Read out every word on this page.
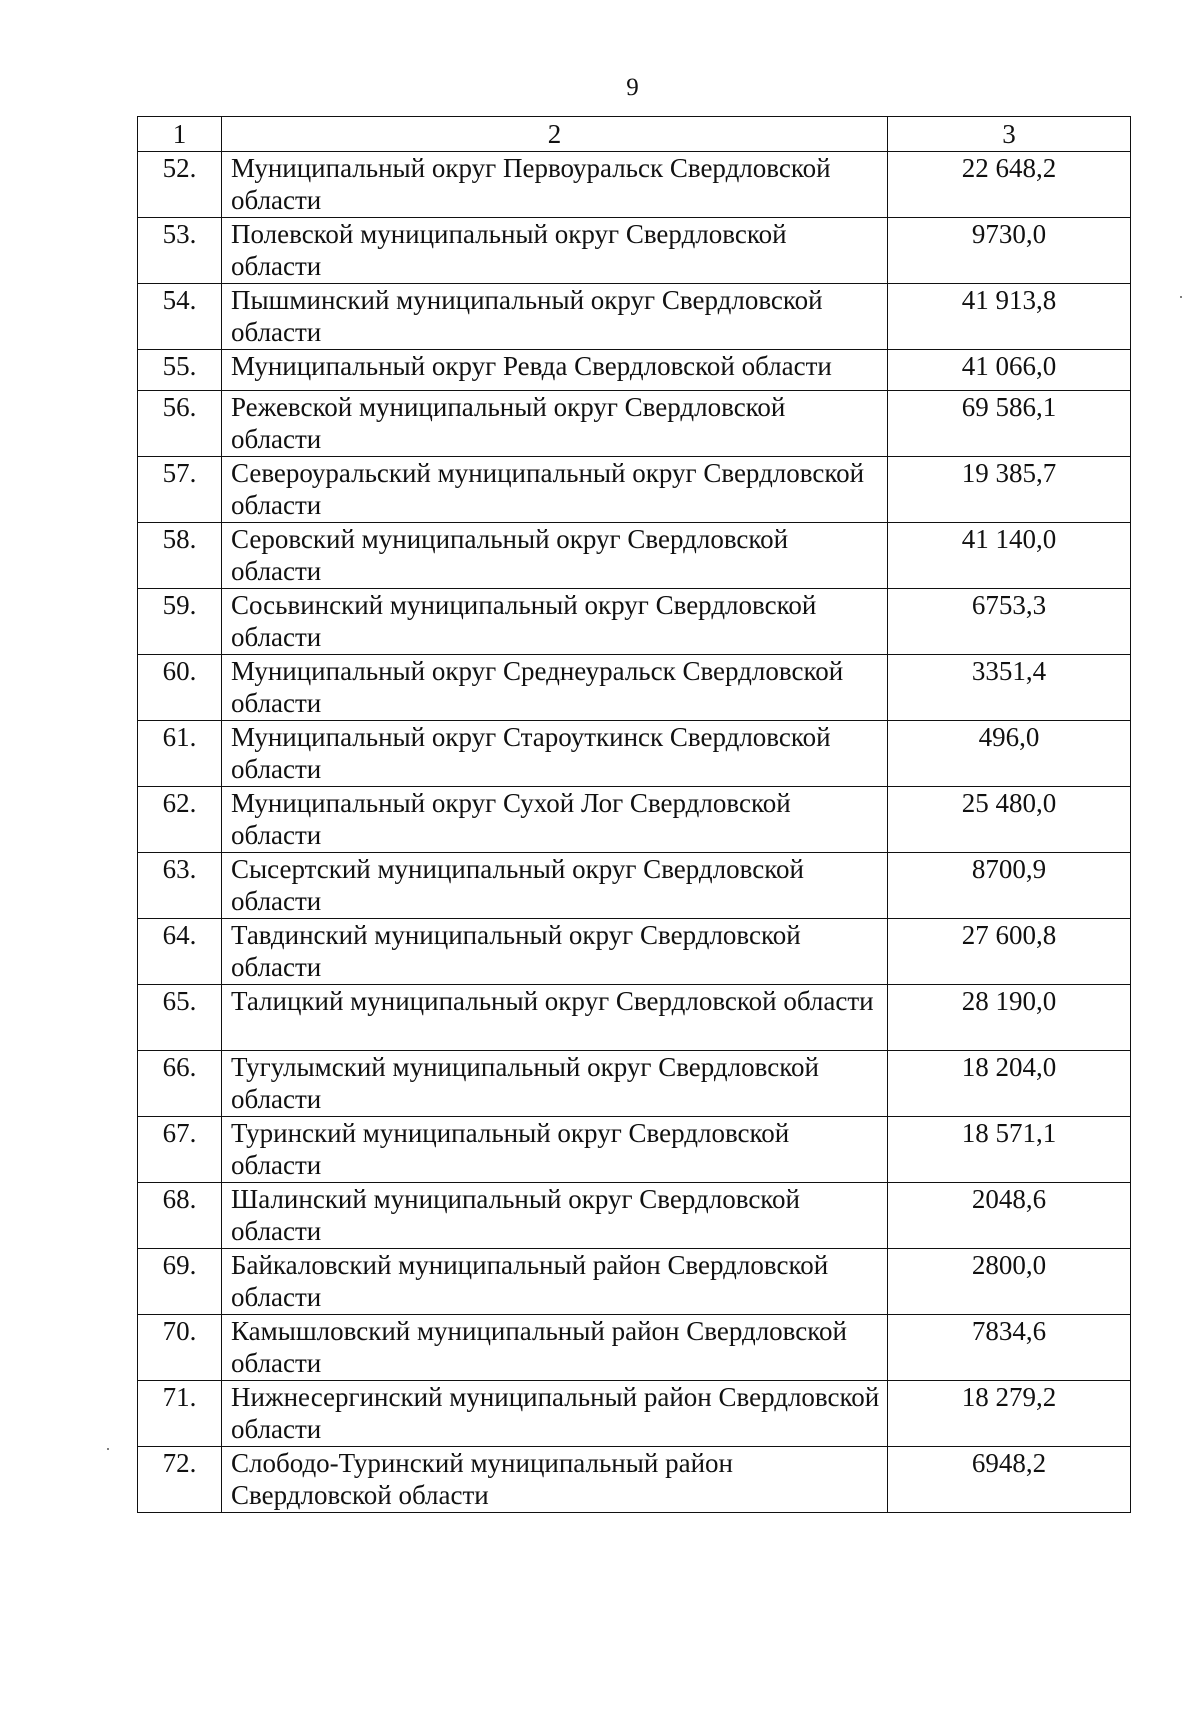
9
1	2	3
52.	Муниципальный округ Первоуральск Свердловской области	22 648,2
53.	Полевской муниципальный округ Свердловской области	9730,0
54.	Пышминский муниципальный округ Свердловской области	41 913,8
55.	Муниципальный округ Ревда Свердловской области	41 066,0
56.	Режевской муниципальный округ Свердловской области	69 586,1
57.	Североуральский муниципальный округ Свердловской области	19 385,7
58.	Серовский муниципальный округ Свердловской области	41 140,0
59.	Сосьвинский муниципальный округ Свердловской области	6753,3
60.	Муниципальный округ Среднеуральск Свердловской области	3351,4
61.	Муниципальный округ Староуткинск Свердловской области	496,0
62.	Муниципальный округ Сухой Лог Свердловской области	25 480,0
63.	Сысертский муниципальный округ Свердловской области	8700,9
64.	Тавдинский муниципальный округ Свердловской области	27 600,8
65.	Талицкий муниципальный округ Свердловской области	28 190,0
66.	Тугулымский муниципальный округ Свердловской области	18 204,0
67.	Туринский муниципальный округ Свердловской области	18 571,1
68.	Шалинский муниципальный округ Свердловской области	2048,6
69.	Байкаловский муниципальный район Свердловской области	2800,0
70.	Камышловский муниципальный район Свердловской области	7834,6
71.	Нижнесергинский муниципальный район Свердловской области	18 279,2
72.	Слободо-Туринский муниципальный район Свердловской области	6948,2
